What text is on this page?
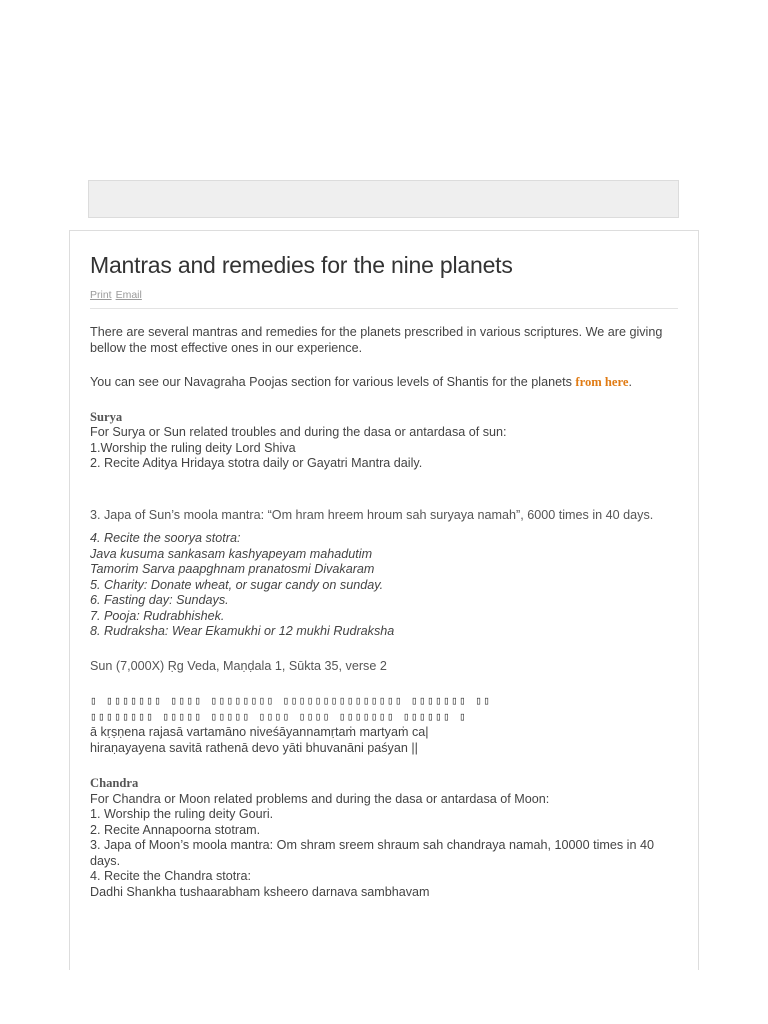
Mantras and remedies for the nine planets
Print Email

There are several mantras and remedies for the planets prescribed in various scriptures. We are giving bellow the most effective ones in our experience.

You can see our Navagraha Poojas section for various levels of Shantis for the planets from here.

Surya
For Surya or Sun related troubles and during the dasa or antardasa of sun:
1.Worship the ruling deity Lord Shiva
2. Recite Aditya Hridaya stotra daily or Gayatri Mantra daily.

3. Japa of Sun’s moola mantra: “Om hram hreem hroum sah suryaya namah”, 6000 times in 40 days.

4. Recite the soorya stotra:
Java kusuma sankasam kashyapeyam mahadutim
Tamorim Sarva paapghnam pranatosmi Divakaram
5. Charity: Donate wheat, or sugar candy on sunday.
6. Fasting day: Sundays.
7. Pooja: Rudrabhishek.
8. Rudraksha: Wear Ekamukhi or 12 mukhi Rudraksha

Sun (7,000X) Ṛg Veda, Maṇḍala 1, Sūkta 35, verse 2

▯ ▯▯▯▯▯▯▯ ▯▯▯▯ ▯▯▯▯▯▯▯▯ ▯▯▯▯▯▯▯▯▯▯▯▯▯▯▯ ▯▯▯▯▯▯▯ ▯▯
▯▯▯▯▯▯▯▯ ▯▯▯▯▯ ▯▯▯▯▯ ▯▯▯▯ ▯▯▯▯ ▯▯▯▯▯▯▯ ▯▯▯▯▯▯ ▯

ā kṛṣṇena rajasā vartamāno niveśāyannamṛtaṁ martyaṁ ca|
hiraṇayayena savitā rathenā devo yāti bhuvanāni paśyan ||

Chandra
For Chandra or Moon related problems and during the dasa or antardasa of Moon:
1. Worship the ruling deity Gouri.
2. Recite Annapoorna stotram.
3. Japa of Moon’s moola mantra: Om shram sreem shraum sah chandraya namah, 10000 times in 40 days.
4. Recite the Chandra stotra:
Dadhi Shankha tushaarabham ksheero darnava sambhavam
